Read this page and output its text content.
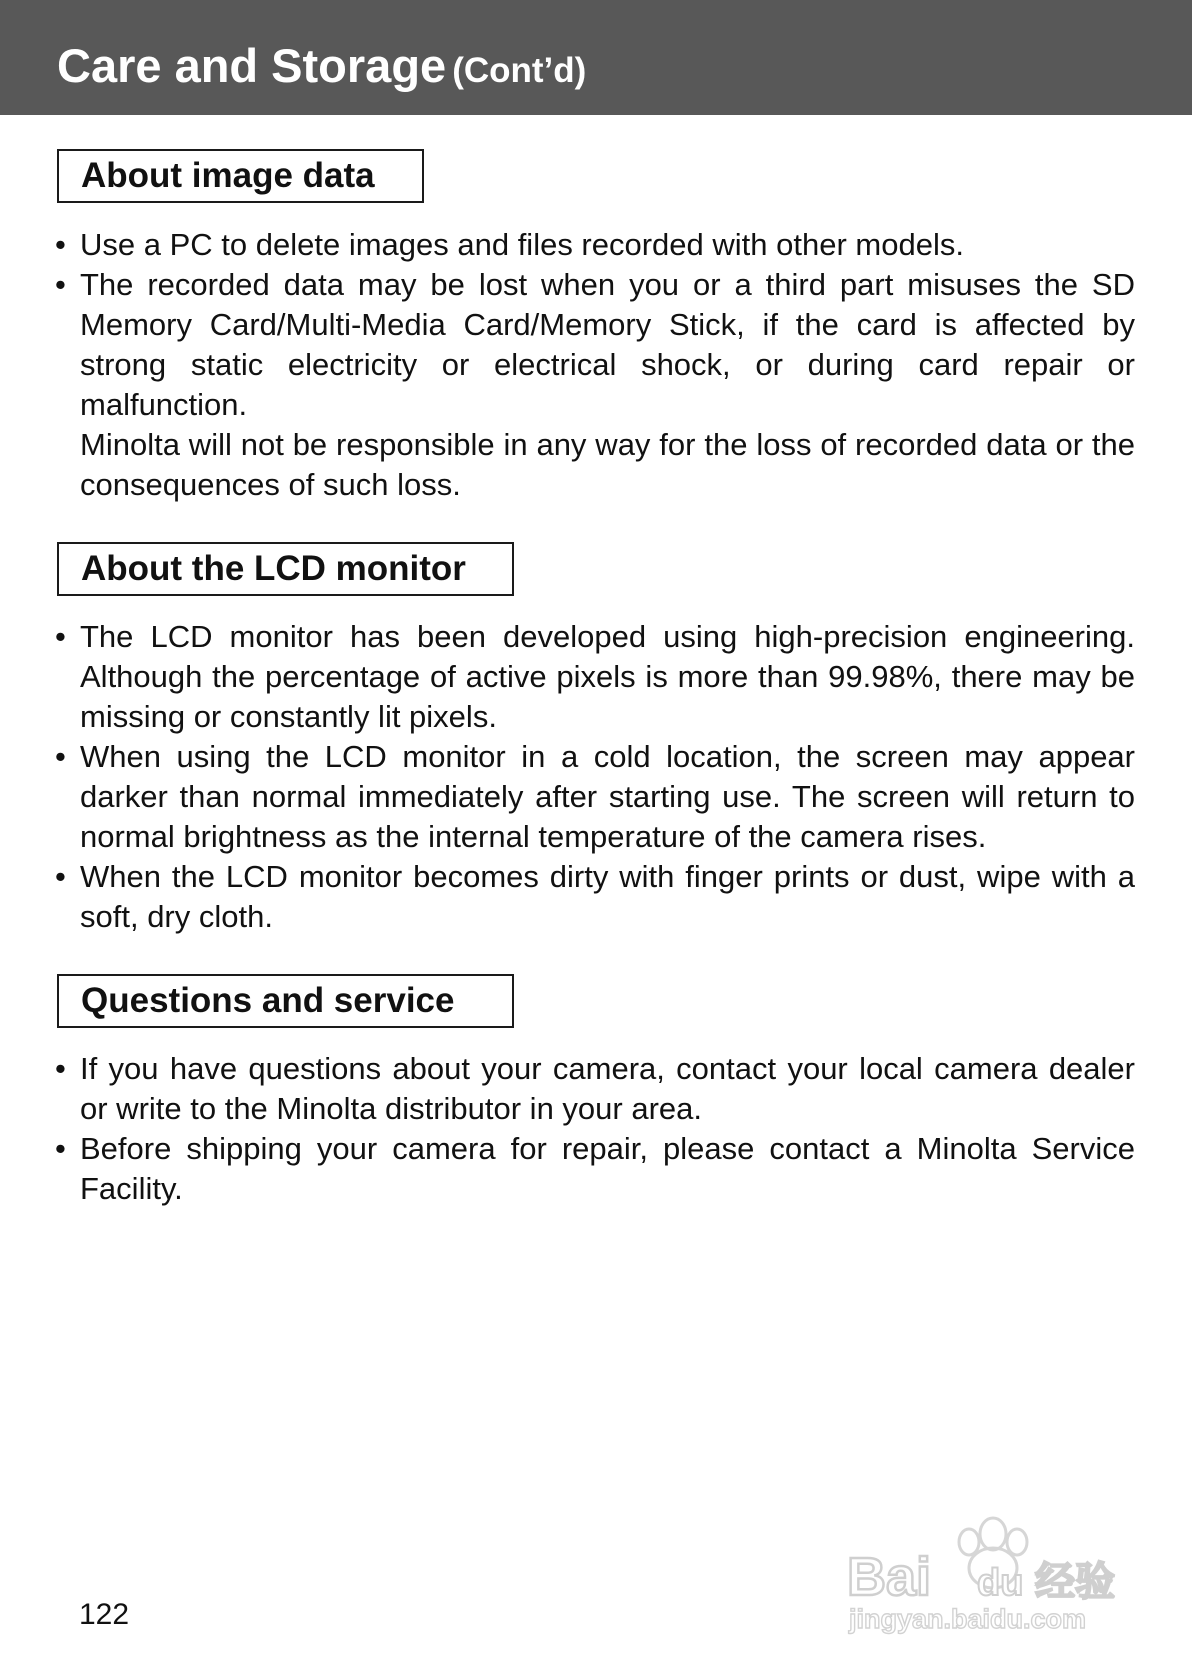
Care and Storage (Cont’d)
About image data
• Use a PC to delete images and files recorded with other models.
• The recorded data may be lost when you or a third part misuses the SD Memory Card/Multi-Media Card/Memory Stick, if the card is affected by strong static electricity or electrical shock, or during card repair or malfunction.
Minolta will not be responsible in any way for the loss of recorded data or the consequences of such loss.
About the LCD monitor
• The LCD monitor has been developed using high-precision engineering. Although the percentage of active pixels is more than 99.98%, there may be missing or constantly lit pixels.
• When using the LCD monitor in a cold location, the screen may appear darker than normal immediately after starting use. The screen will return to normal brightness as the internal temperature of the camera rises.
• When the LCD monitor becomes dirty with finger prints or dust, wipe with a soft, dry cloth.
Questions and service
• If you have questions about your camera, contact your local camera dealer or write to the Minolta distributor in your area.
• Before shipping your camera for repair, please contact a Minolta Service Facility.

122

Bai du 经验
jingyan.baidu.com
